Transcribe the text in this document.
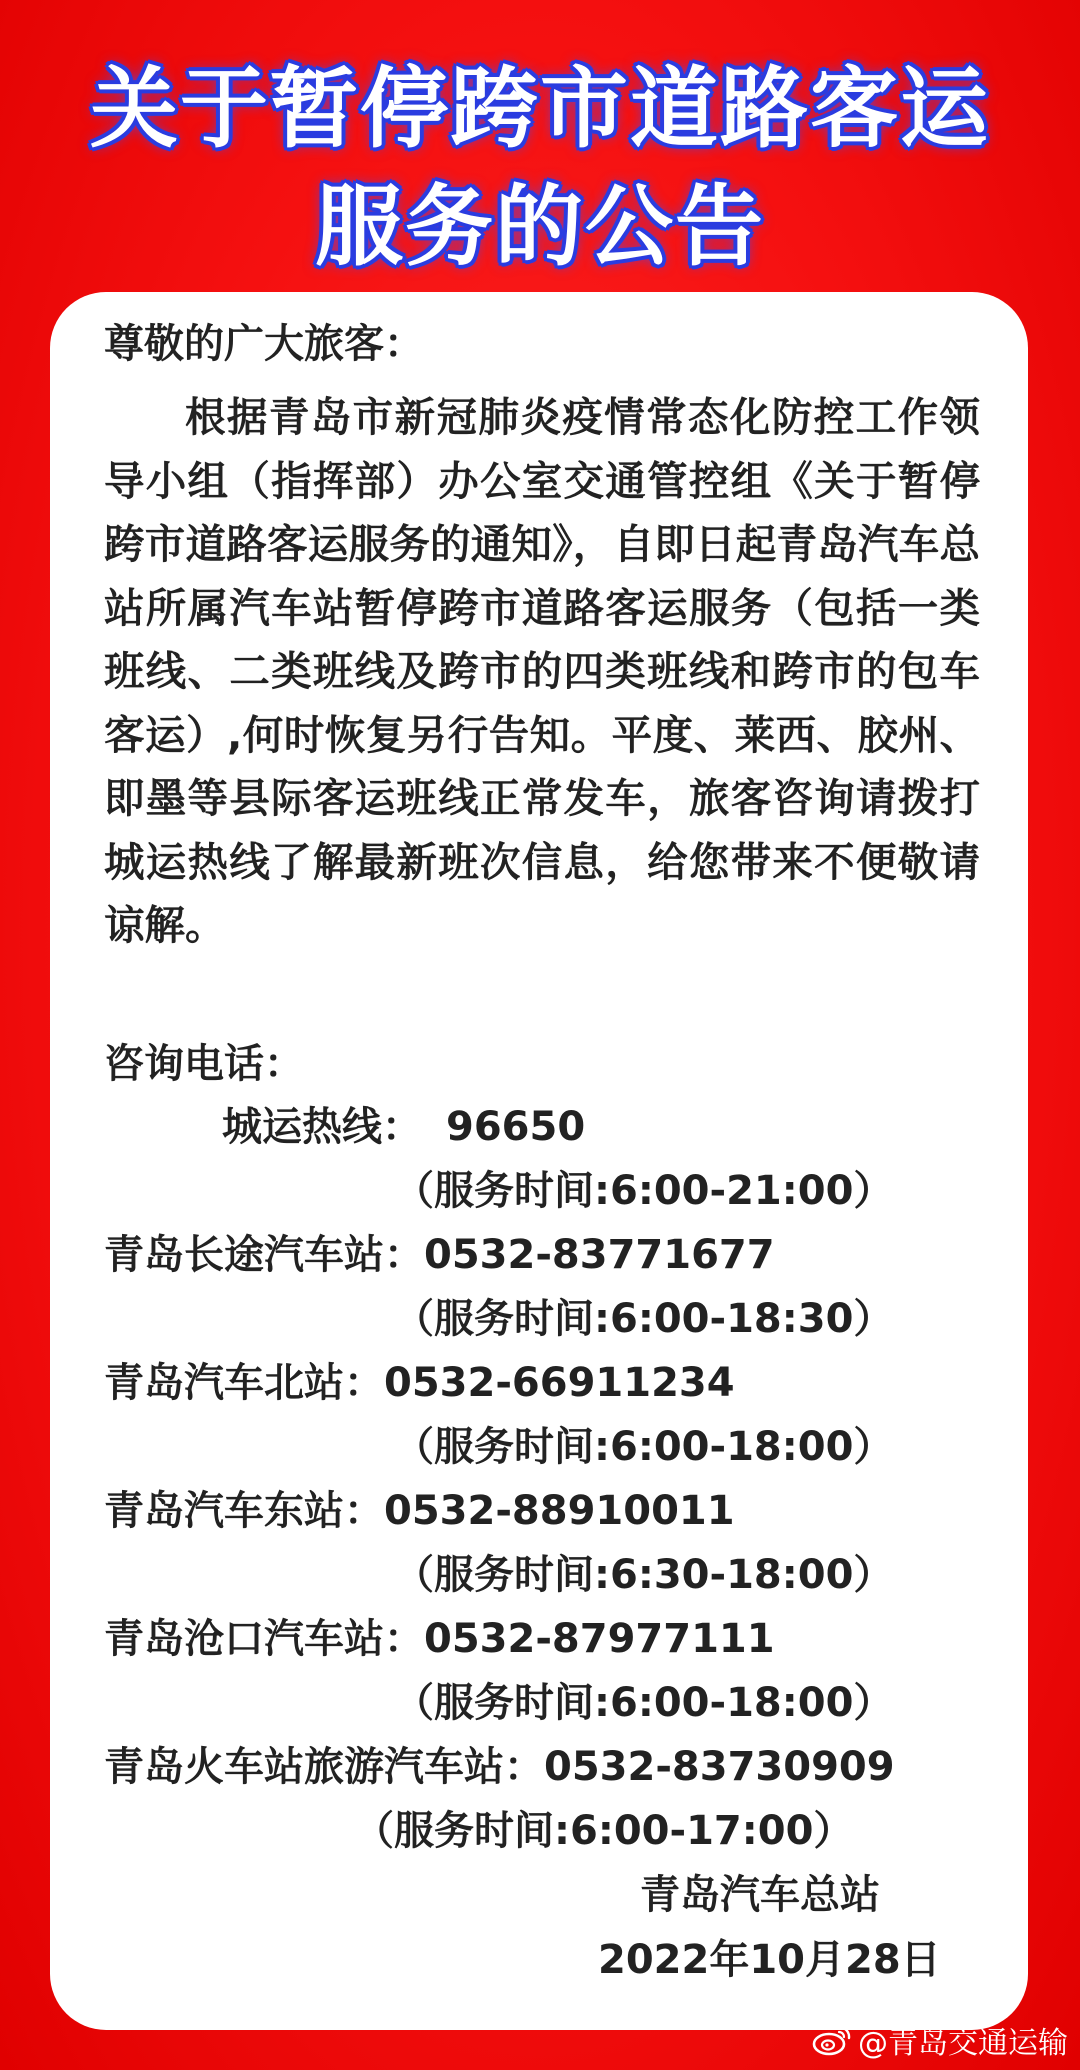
关于暂停跨市道路客运
服务的公告
尊敬的广大旅客：
根据青岛市新冠肺炎疫情常态化防控工作领导小组（指挥部）办公室交通管控组《关于暂停跨市道路客运服务的通知》，自即日起青岛汽车总站所属汽车站暂停跨市道路客运服务（包括一类班线、二类班线及跨市的四类班线和跨市的包车客运）,何时恢复另行告知。平度、莱西、胶州、即墨等县际客运班线正常发车，旅客咨询请拨打城运热线了解最新班次信息，给您带来不便敬请谅解。
咨询电话：
城运热线： 96650
（服务时间:6:00-21:00）
青岛长途汽车站：0532-83771677
（服务时间:6:00-18:30）
青岛汽车北站：0532-66911234
（服务时间:6:00-18:00）
青岛汽车东站：0532-88910011
（服务时间:6:30-18:00）
青岛沧口汽车站：0532-87977111
（服务时间:6:00-18:00）
青岛火车站旅游汽车站：0532-83730909
（服务时间:6:00-17:00）
青岛汽车总站
2022年10月28日
@青岛交通运输
